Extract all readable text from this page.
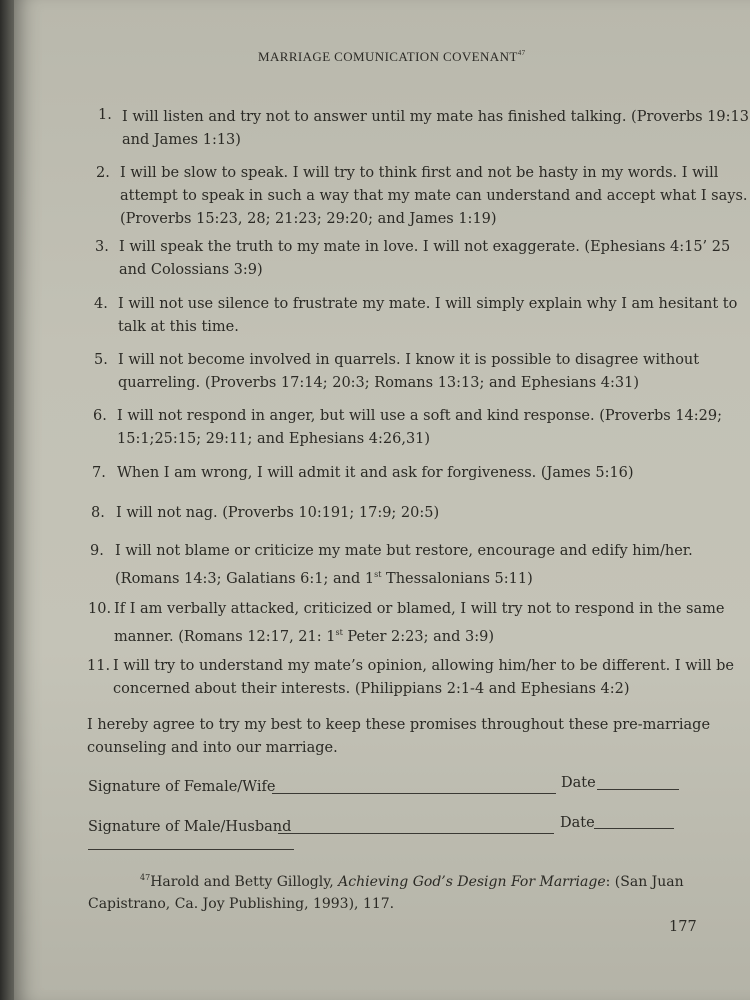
MARRIAGE COMUNICATION COVENANT$^{47}$
1. I will listen and try not to answer until my mate has finished talking. (Proverbs 19:13
and James 1:13)
2. I will be slow to speak. I will try to think first and not be hasty in my words. I will
attempt to speak in such a way that my mate can understand and accept what I says.
(Proverbs 15:23, 28; 21:23; 29:20; and James 1:19)
3. I will speak the truth to my mate in love. I will not exaggerate. (Ephesians 4:15’ 25
and Colossians 3:9)
4. I will not use silence to frustrate my mate. I will simply explain why I am hesitant to
talk at this time.
5. I will not become involved in quarrels. I know it is possible to disagree without
quarreling. (Proverbs 17:14; 20:3; Romans 13:13; and Ephesians 4:31)
6. I will not respond in anger, but will use a soft and kind response. (Proverbs 14:29;
15:1;25:15; 29:11; and Ephesians 4:26,31)
7. When I am wrong, I will admit it and ask for forgiveness. (James 5:16)
8. I will not nag. (Proverbs 10:191; 17:9; 20:5)
9. I will not blame or criticize my mate but restore, encourage and edify him/her.
(Romans 14:3; Galatians 6:1; and 1st Thessalonians 5:11)
10. If I am verbally attacked, criticized or blamed, I will try not to respond in the same
manner. (Romans 12:17, 21: 1st Peter 2:23; and 3:9)
11. I will try to understand my mate’s opinion, allowing him/her to be different. I will be
concerned about their interests. (Philippians 2:1-4 and Ephesians 4:2)
I hereby agree to try my best to keep these promises throughout these pre-marriage
counseling and into our marriage.
Signature of Female/Wife	Date
Signature of Male/Husband	Date
$^{47}$Harold and Betty Gillogly, Achieving God’s Design For Marriage: (San Juan
Capistrano, Ca. Joy Publishing, 1993), 117.
177
